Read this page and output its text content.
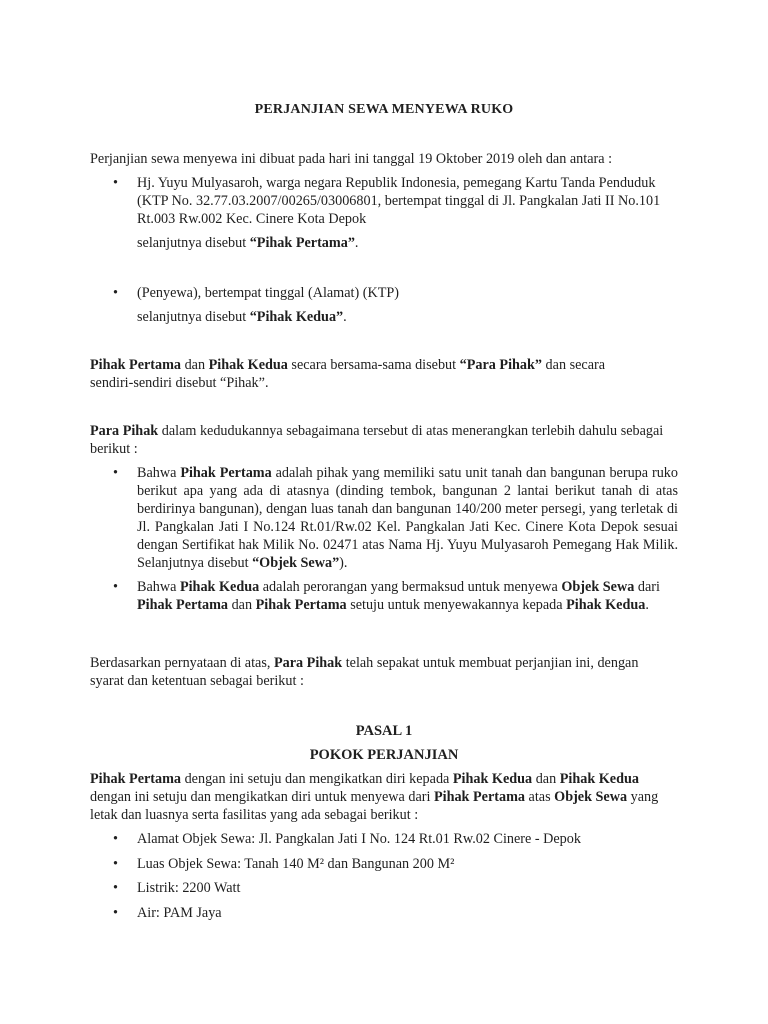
PERJANJIAN SEWA MENYEWA RUKO

Perjanjian sewa menyewa ini dibuat pada hari ini tanggal 19 Oktober 2019 oleh dan antara :

•	Hj. Yuyu Mulyasaroh, warga negara Republik Indonesia, pemegang Kartu Tanda Penduduk (KTP No. 32.77.03.2007/00265/03006801, bertempat tinggal di Jl. Pangkalan Jati II No.101 Rt.003 Rw.002 Kec. Cinere Kota Depok
selanjutnya disebut “Pihak Pertama”.
•	(Penyewa), bertempat tinggal (Alamat) (KTP)
selanjutnya disebut “Pihak Kedua”.

Pihak Pertama dan Pihak Kedua secara bersama-sama disebut “Para Pihak” dan secara sendiri-sendiri disebut “Pihak”.

Para Pihak dalam kedudukannya sebagaimana tersebut di atas menerangkan terlebih dahulu sebagai berikut :

•	Bahwa Pihak Pertama adalah pihak yang memiliki satu unit tanah dan bangunan berupa ruko berikut apa yang ada di atasnya (dinding tembok, bangunan 2 lantai berikut tanah di atas berdirinya bangunan), dengan luas tanah dan bangunan 140/200 meter persegi, yang terletak di Jl. Pangkalan Jati I No.124 Rt.01/Rw.02 Kel. Pangkalan Jati Kec. Cinere Kota Depok sesuai dengan Sertifikat hak Milik No. 02471 atas Nama Hj. Yuyu Mulyasaroh Pemegang Hak Milik. Selanjutnya disebut “Objek Sewa”).
•	Bahwa Pihak Kedua adalah perorangan yang bermaksud untuk menyewa Objek Sewa dari Pihak Pertama dan Pihak Pertama setuju untuk menyewakannya kepada Pihak Kedua.

Berdasarkan pernyataan di atas, Para Pihak telah sepakat untuk membuat perjanjian ini, dengan syarat dan ketentuan sebagai berikut :

PASAL 1
POKOK PERJANJIAN

Pihak Pertama dengan ini setuju dan mengikatkan diri kepada Pihak Kedua dan Pihak Kedua dengan ini setuju dan mengikatkan diri untuk menyewa dari Pihak Pertama atas Objek Sewa yang letak dan luasnya serta fasilitas yang ada sebagai berikut :

•	Alamat Objek Sewa: Jl. Pangkalan Jati I No. 124 Rt.01 Rw.02 Cinere - Depok
•	Luas Objek Sewa: Tanah 140 M² dan Bangunan 200 M²
•	Listrik: 2200 Watt
•	Air: PAM Jaya
